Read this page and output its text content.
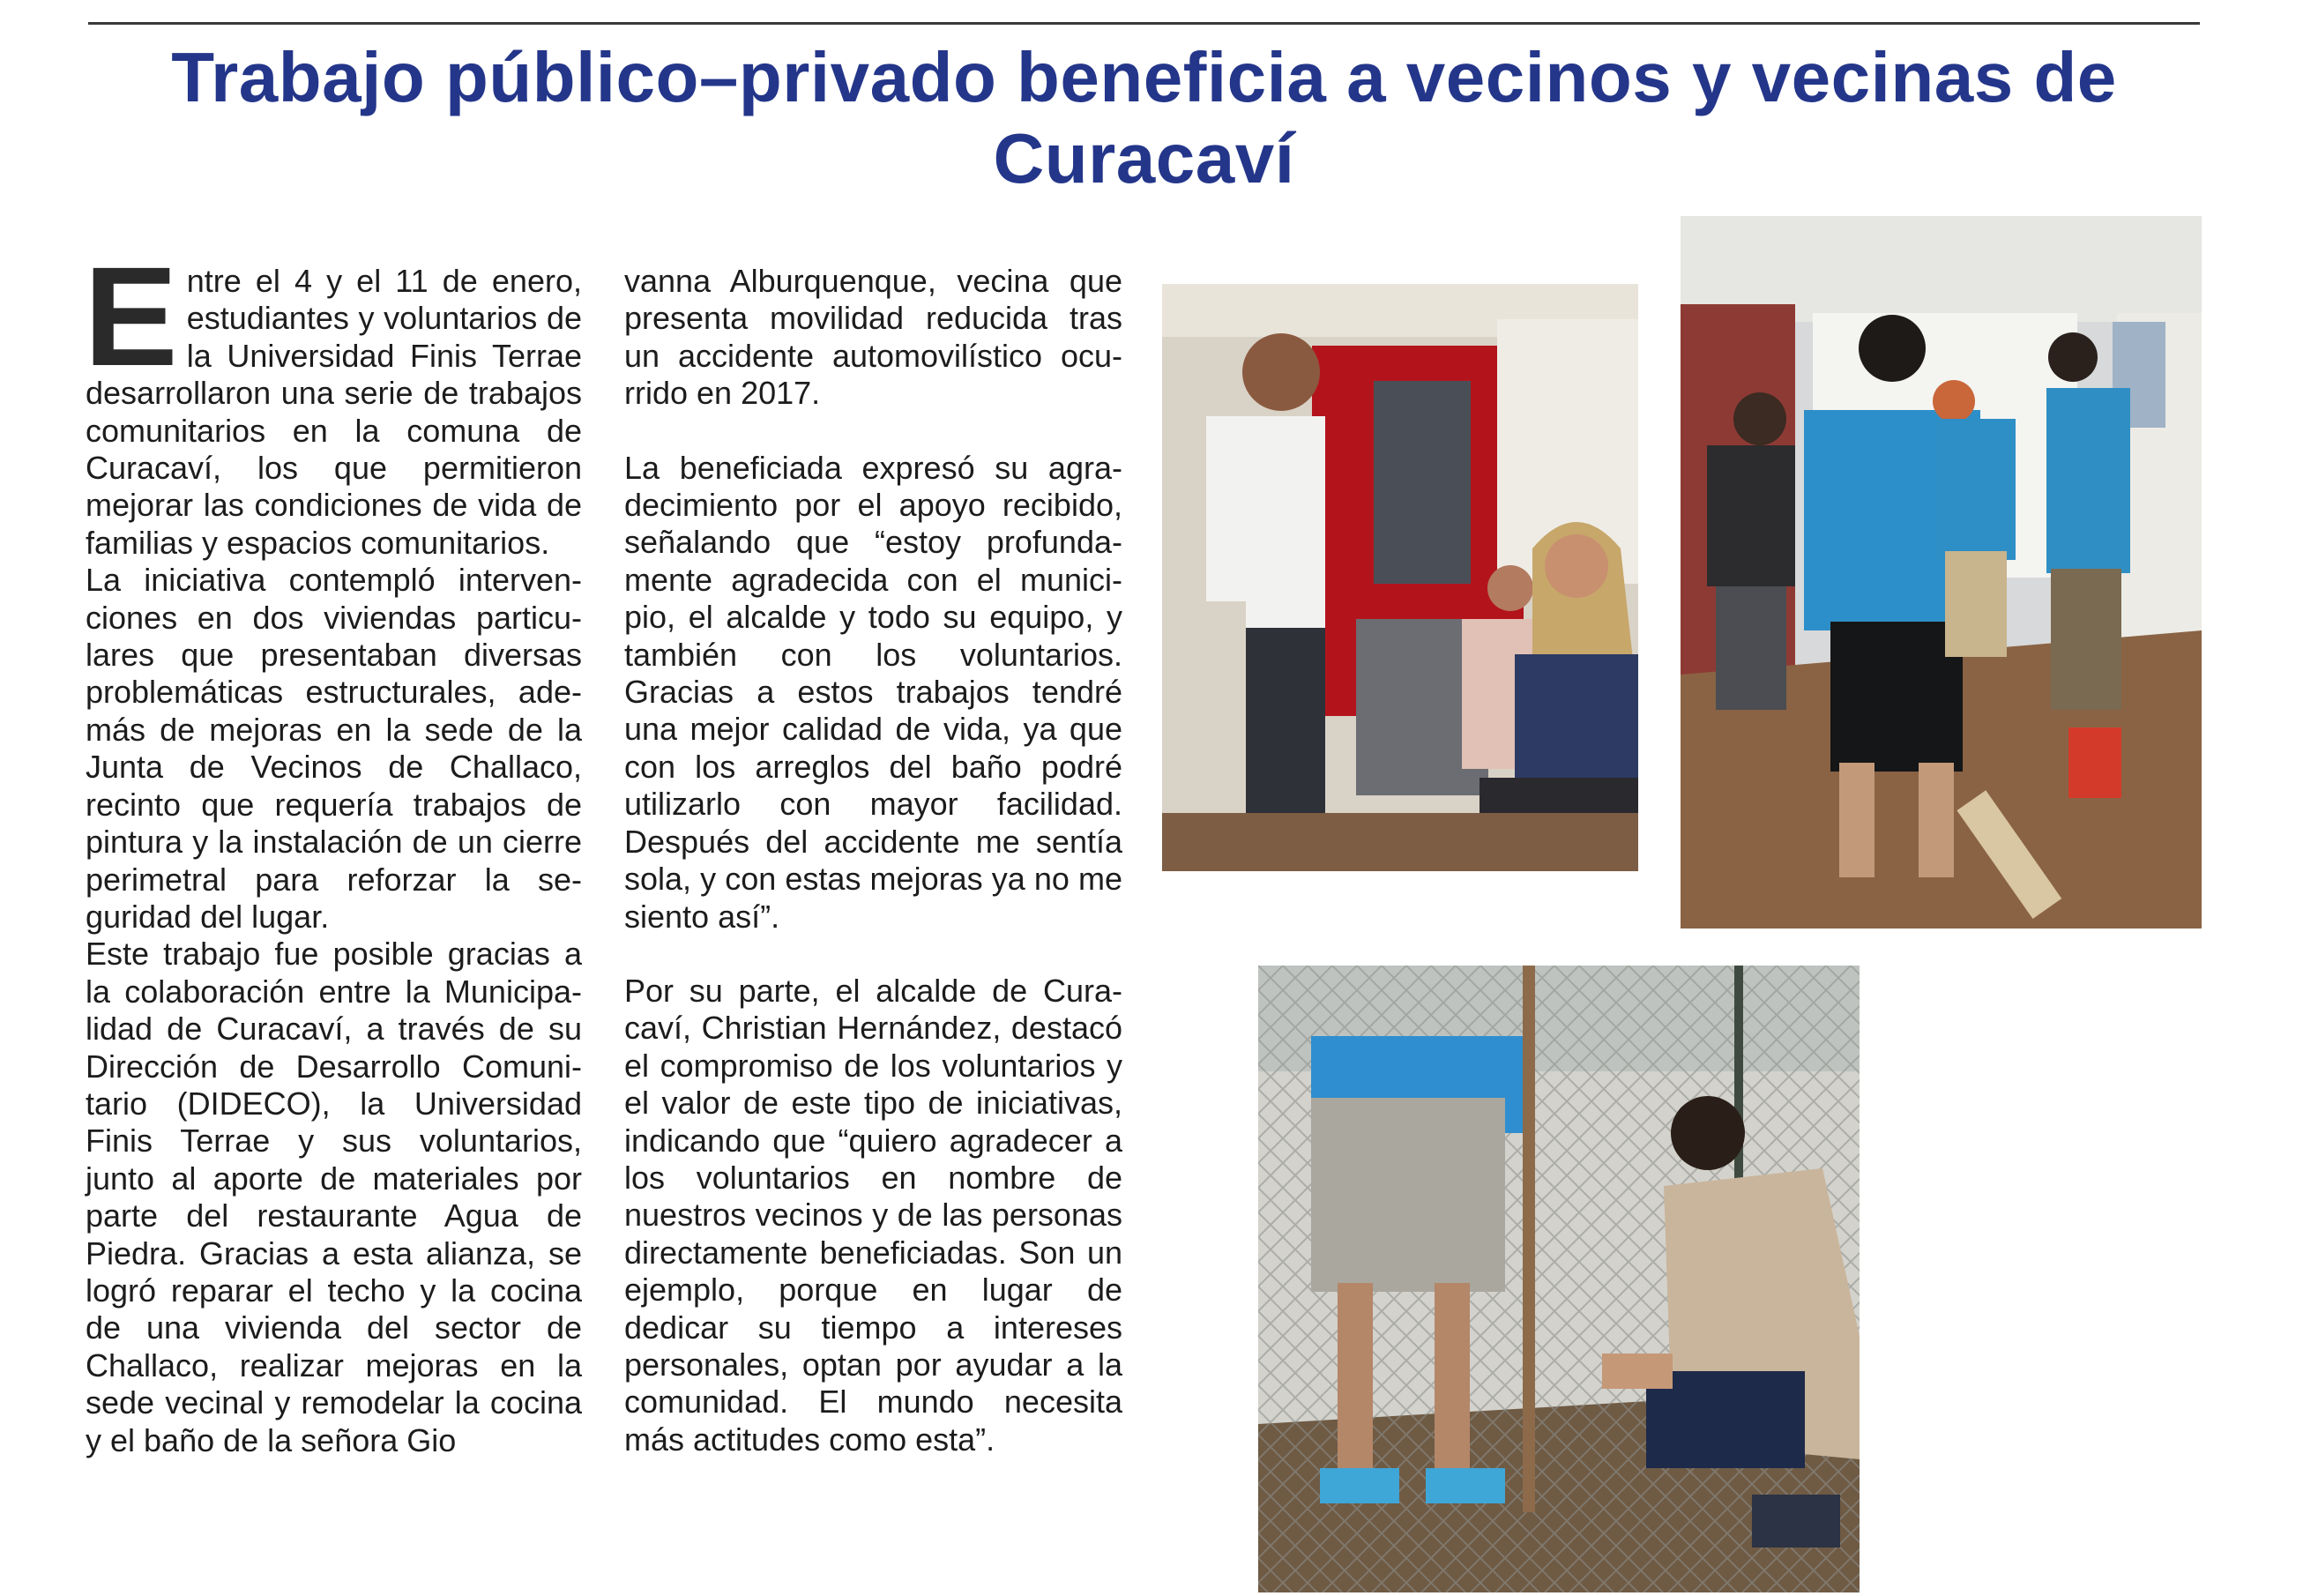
Trabajo público–privado beneficia a vecinos y vecinas de Curacaví

Entre el 4 y el 11 de enero, estudiantes y voluntarios de la Universidad Finis Terrae desarrollaron una serie de trabajos comunitarios en la comuna de Curacaví, los que permitieron mejorar las condiciones de vida de familias y espacios comunitarios.

La iniciativa contempló intervenciones en dos viviendas particulares que presentaban diversas problemáticas estructurales, además de mejoras en la sede de la Junta de Vecinos de Challaco, recinto que requería trabajos de pintura y la instalación de un cierre perimetral para reforzar la seguridad del lugar.

Este trabajo fue posible gracias a la colaboración entre la Municipalidad de Curacaví, a través de su Dirección de Desarrollo Comunitario (DIDECO), la Universidad Finis Terrae y sus voluntarios, junto al aporte de materiales por parte del restaurante Agua de Piedra. Gracias a esta alianza, se logró reparar el techo y la cocina de una vivienda del sector de Challaco, realizar mejoras en la sede vecinal y remodelar la cocina y el baño de la señora Gio

vanna Alburquenque, vecina que presenta movilidad reducida tras un accidente automovilístico ocurrido en 2017.

La beneficiada expresó su agradecimiento por el apoyo recibido, señalando que “estoy profundamente agradecida con el municipio, el alcalde y todo su equipo, y también con los voluntarios. Gracias a estos trabajos tendré una mejor calidad de vida, ya que con los arreglos del baño podré utilizarlo con mayor facilidad. Después del accidente me sentía sola, y con estas mejoras ya no me siento así”.

Por su parte, el alcalde de Curacaví, Christian Hernández, destacó el compromiso de los voluntarios y el valor de este tipo de iniciativas, indicando que “quiero agradecer a los voluntarios en nombre de nuestros vecinos y de las personas directamente beneficiadas. Son un ejemplo, porque en lugar de dedicar su tiempo a intereses personales, optan por ayudar a la comunidad. El mundo necesita más actitudes como esta”.
